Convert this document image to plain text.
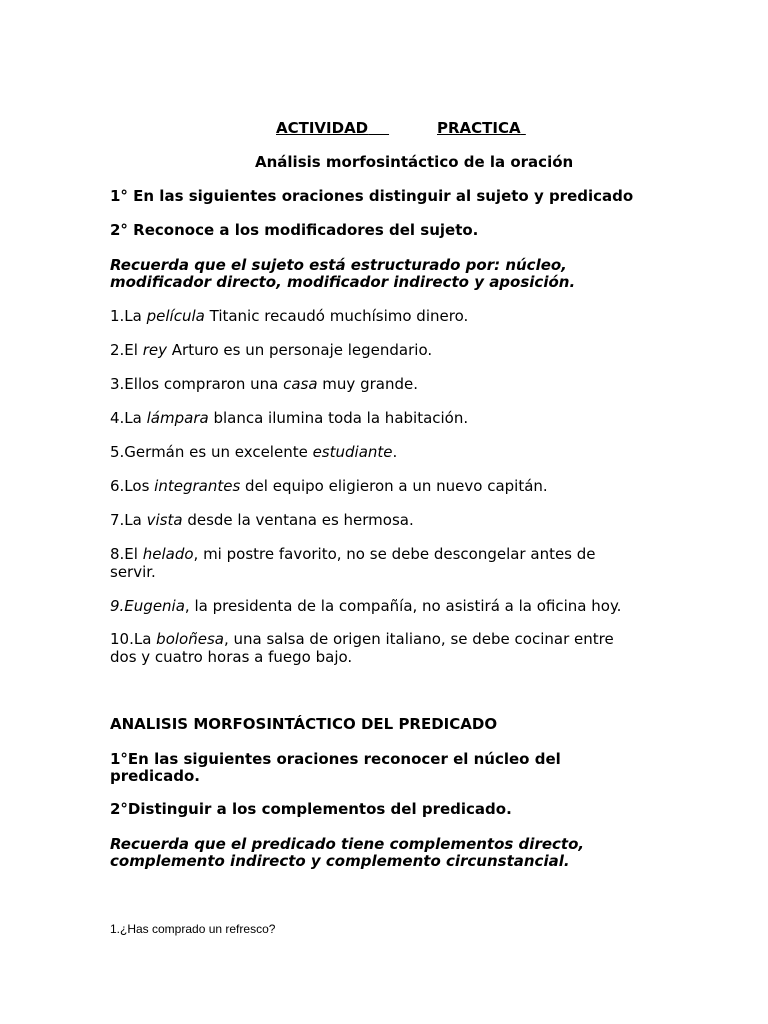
ACTIVIDAD	PRACTICA
Análisis morfosintáctico de la oración
1° En las siguientes oraciones distinguir al sujeto y predicado
2° Reconoce a los modificadores del sujeto.
Recuerda que el sujeto está estructurado por: núcleo,
modificador directo, modificador indirecto y aposición.
1.La película Titanic recaudó muchísimo dinero.
2.El rey Arturo es un personaje legendario.
3.Ellos compraron una casa muy grande.
4.La lámpara blanca ilumina toda la habitación.
5.Germán es un excelente estudiante.
6.Los integrantes del equipo eligieron a un nuevo capitán.
7.La vista desde la ventana es hermosa.
8.El helado, mi postre favorito, no se debe descongelar antes de
servir.
9.Eugenia, la presidenta de la compañía, no asistirá a la oficina hoy.
10.La boloñesa, una salsa de origen italiano, se debe cocinar entre
dos y cuatro horas a fuego bajo.
ANALISIS MORFOSINTÁCTICO DEL PREDICADO
1°En las siguientes oraciones reconocer el núcleo del
predicado.
2°Distinguir a los complementos del predicado.
Recuerda que el predicado tiene complementos directo,
complemento indirecto y complemento circunstancial.
1.¿Has comprado un refresco?
